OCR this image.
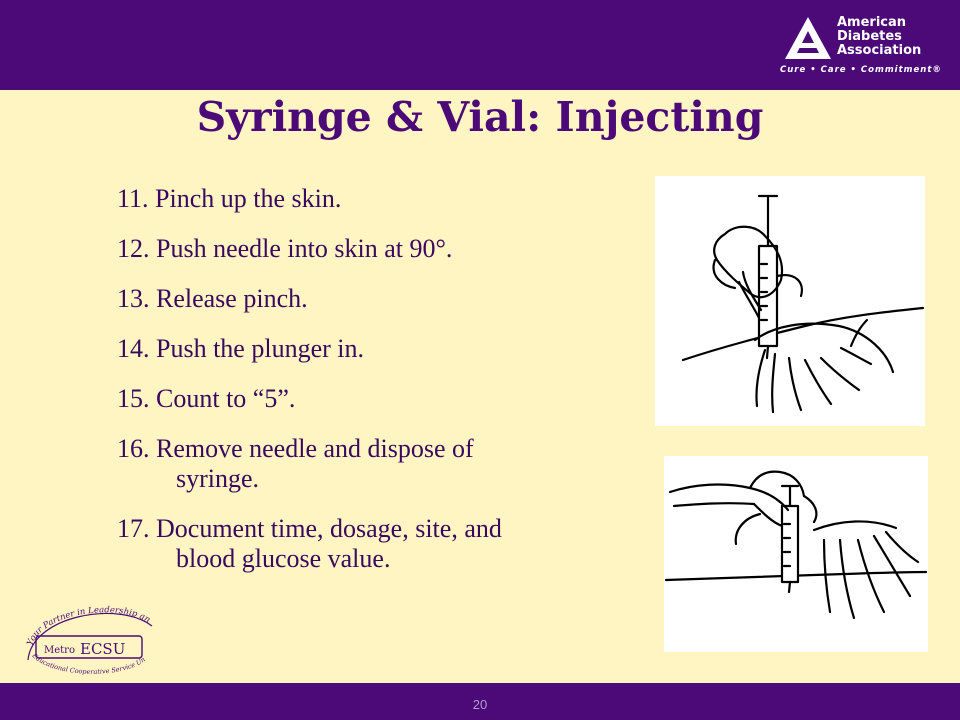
American
Diabetes
Association
Cure • Care • Commitment®
Syringe & Vial: Injecting
11. Pinch up the skin.
12. Push needle into skin at 90°.
13. Release pinch.
14. Push the plunger in.
15. Count to “5”.
16. Remove needle and dispose of
syringe.
17. Document time, dosage, site, and
blood glucose value.
Your Partner in Leadership an
Metro ECSU
Educational Cooperative Service Un
20
